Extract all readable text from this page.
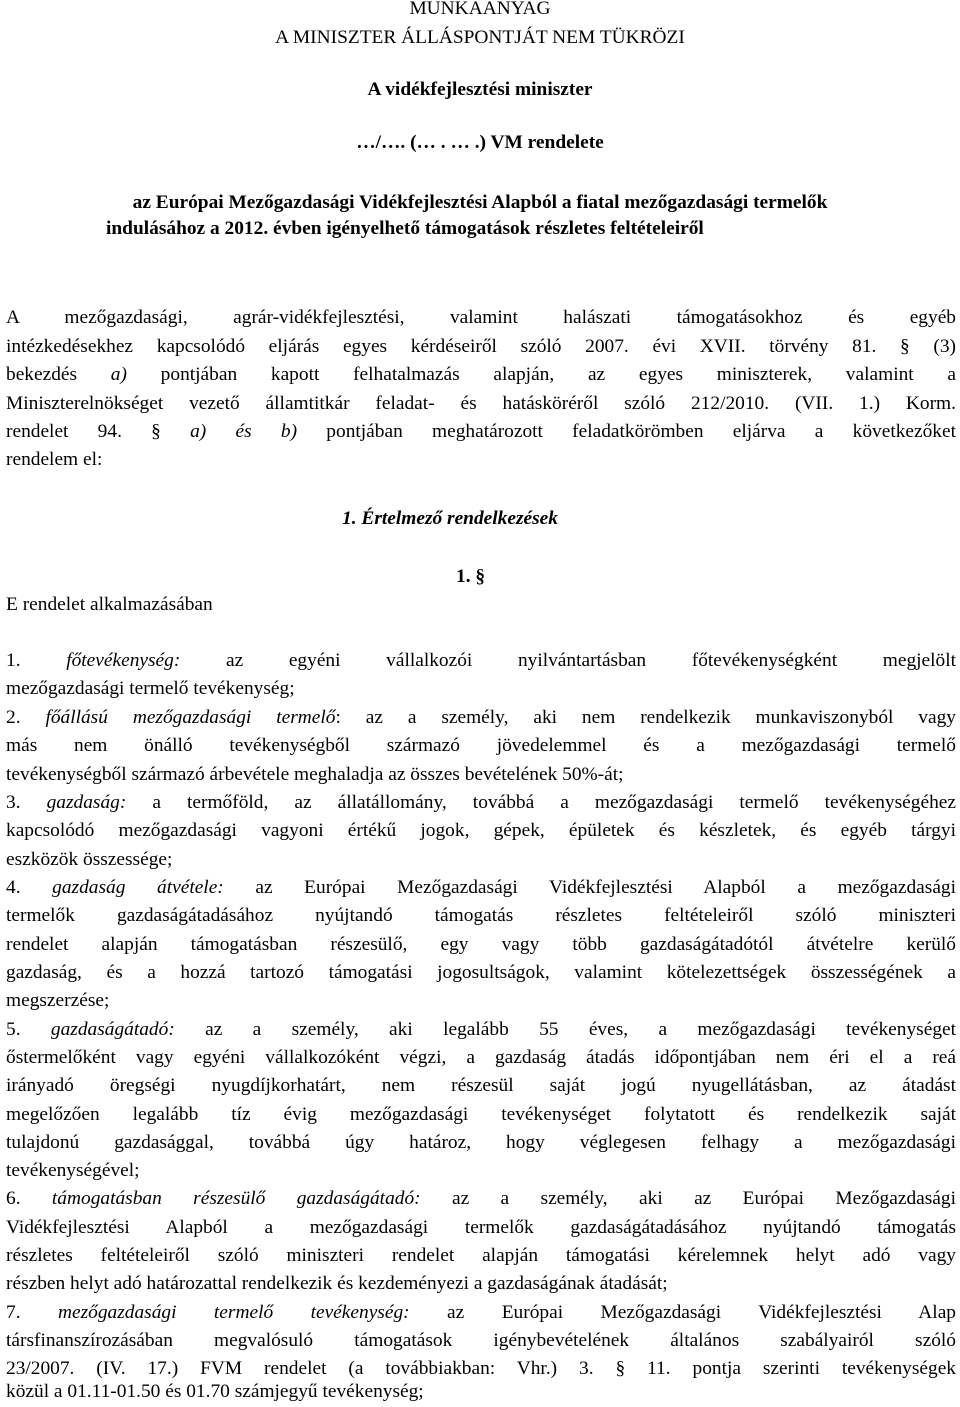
MUNKAANYAG
A MINISZTER ÁLLÁSPONTJÁT NEM TÜKRÖZI
A vidékfejlesztési miniszter
…/…. (… . … .) VM rendelete
az Európai Mezőgazdasági Vidékfejlesztési Alapból a fiatal mezőgazdasági termelők
indulásához a 2012. évben igényelhető támogatások részletes feltételeiről
A mezőgazdasági, agrár-vidékfejlesztési, valamint halászati támogatásokhoz és egyéb
intézkedésekhez kapcsolódó eljárás egyes kérdéseiről szóló 2007. évi XVII. törvény 81. § (3)
bekezdés a) pontjában kapott felhatalmazás alapján, az egyes miniszterek, valamint a
Miniszterelnökséget vezető államtitkár feladat- és hatásköréről szóló 212/2010. (VII. 1.) Korm.
rendelet 94. § a) és b) pontjában meghatározott feladatkörömben eljárva a következőket
rendelem el:
1. Értelmező rendelkezések
1. §
E rendelet alkalmazásában
1. főtevékenység: az egyéni vállalkozói nyilvántartásban főtevékenységként megjelölt
mezőgazdasági termelő tevékenység;
2. főállású mezőgazdasági termelő: az a személy, aki nem rendelkezik munkaviszonyból vagy
más nem önálló tevékenységből származó jövedelemmel és a mezőgazdasági termelő
tevékenységből származó árbevétele meghaladja az összes bevételének 50%-át;
3. gazdaság: a termőföld, az állatállomány, továbbá a mezőgazdasági termelő tevékenységéhez
kapcsolódó mezőgazdasági vagyoni értékű jogok, gépek, épületek és készletek, és egyéb tárgyi
eszközök összessége;
4. gazdaság átvétele: az Európai Mezőgazdasági Vidékfejlesztési Alapból a mezőgazdasági
termelők gazdaságátadásához nyújtandó támogatás részletes feltételeiről szóló miniszteri
rendelet alapján támogatásban részesülő, egy vagy több gazdaságátadótól átvételre kerülő
gazdaság, és a hozzá tartozó támogatási jogosultságok, valamint kötelezettségek összességének a
megszerzése;
5. gazdaságátadó: az a személy, aki legalább 55 éves, a mezőgazdasági tevékenységet
őstermelőként vagy egyéni vállalkozóként végzi, a gazdaság átadás időpontjában nem éri el a reá
irányadó öregségi nyugdíjkorhatárt, nem részesül saját jogú nyugellátásban, az átadást
megelőzően legalább tíz évig mezőgazdasági tevékenységet folytatott és rendelkezik saját
tulajdonú gazdasággal, továbbá úgy határoz, hogy véglegesen felhagy a mezőgazdasági
tevékenységével;
6. támogatásban részesülő gazdaságátadó: az a személy, aki az Európai Mezőgazdasági
Vidékfejlesztési Alapból a mezőgazdasági termelők gazdaságátadásához nyújtandó támogatás
részletes feltételeiről szóló miniszteri rendelet alapján támogatási kérelemnek helyt adó vagy
részben helyt adó határozattal rendelkezik és kezdeményezi a gazdaságának átadását;
7. mezőgazdasági termelő tevékenység: az Európai Mezőgazdasági Vidékfejlesztési Alap
társfinanszírozásában megvalósuló támogatások igénybevételének általános szabályairól szóló
23/2007. (IV. 17.) FVM rendelet (a továbbiakban: Vhr.) 3. § 11. pontja szerinti tevékenységek
közül a 01.11-01.50 és 01.70 számjegyű tevékenység;
